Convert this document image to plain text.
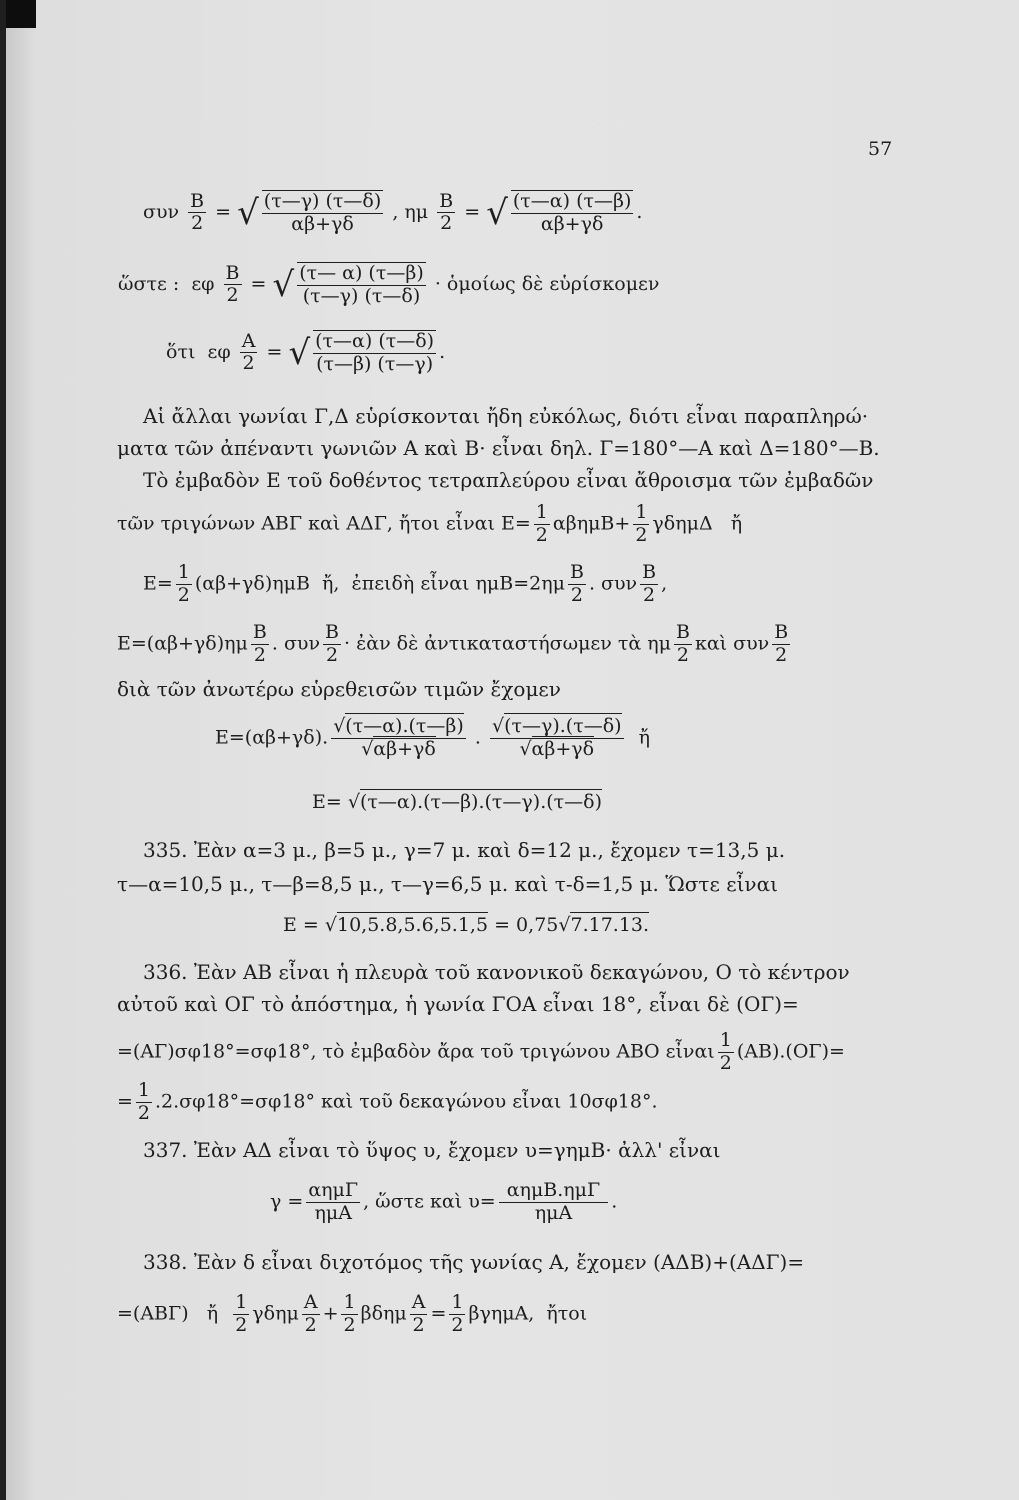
57
συν $\frac{B}{2}$ = √ $\frac{(\tau—\gamma) (\tau—\delta)}{\alpha\beta+\gamma\delta}$ , ημ $\frac{B}{2}$ = √ $\frac{(\tau—\alpha) (\tau—\beta)}{\alpha\beta+\gamma\delta}$ .
ὥστε :  εφ $\frac{B}{2}$ = √ $\frac{(\tau— \alpha) (\tau—\beta)}{(\tau—\gamma) (\tau—\delta)}$ · ὁμοίως δὲ εὑρίσκομεν
ὅτι  εφ $\frac{A}{2}$ = √ $\frac{(\tau—\alpha) (\tau—\delta)}{(\tau—\beta) (\tau—\gamma)}$ .
Αἱ ἄλλαι γωνίαι Γ,Δ εὑρίσκονται ἤδη εὐκόλως, διότι εἶναι παραπληρώ·
ματα τῶν ἀπέναντι γωνιῶν Α καὶ Β· εἶναι δηλ. Γ=180°—Α καὶ Δ=180°—Β.
Τὸ ἐμβαδὸν Ε τοῦ δοθέντος τετραπλεύρου εἶναι ἄθροισμα τῶν ἐμβαδῶν
τῶν τριγώνων ΑΒΓ καὶ ΑΔΓ, ἤτοι εἶναι $E= \frac{1}{2} \alpha\beta\eta\mu B+ \frac{1}{2}$ γδημΔ   ἤ
$E= \frac{1}{2} (\alpha\beta+\gamma\delta)\eta\mu B$  ἤ,  ἐπειδὴ εἶναι $\eta\mu B=2\eta\mu \frac{B}{2}$ . συν $\frac{B}{2}$ ,
$E=(\alpha\beta+\gamma\delta)\eta\mu \frac{B}{2}$ . συν $\frac{B}{2}$ · ἐὰν δὲ ἀντικαταστήσωμεν τὰ ημ $\frac{B}{2}$ καὶ συν $\frac{B}{2}$
διὰ τῶν ἀνωτέρω εὑρεθεισῶν τιμῶν ἔχομεν
Ε=(αβ+γδ). $\frac{√(\tau—\alpha).(\tau—\beta)}{√\alpha\beta+\gamma\delta}$ . $\frac{√(\tau—\gamma).(\tau—\delta)}{√\alpha\beta+\gamma\delta}$ ἤ
Ε= √(τ—α).(τ—β).(τ—γ).(τ—δ)
335. Ἐὰν α=3 μ., β=5 μ., γ=7 μ. καὶ δ=12 μ., ἔχομεν τ=13,5 μ.
τ—α=10,5 μ., τ—β=8,5 μ., τ—γ=6,5 μ. καὶ τ-δ=1,5 μ. Ὥστε εἶναι
Ε = √10,5.8,5.6,5.1,5 = 0,75√7.17.13.
336. Ἐὰν ΑΒ εἶναι ἡ πλευρὰ τοῦ κανονικοῦ δεκαγώνου, Ο τὸ κέντρον
αὐτοῦ καὶ ΟΓ τὸ ἀπόστημα, ἡ γωνία ΓΟΑ εἶναι 18°, εἶναι δὲ (ΟΓ)=
=(ΑΓ)σφ18°=σφ18°, τὸ ἐμβαδὸν ἄρα τοῦ τριγώνου ΑΒΟ εἶναι $\frac{1}{2} (AB).(O\Gamma)=$
= $\frac{1}{2} .2.\sigma\varphi 18^\circ=\sigma\varphi 18^\circ$ καὶ τοῦ δεκαγώνου εἶναι 10σφ18°.
337. Ἐὰν ΑΔ εἶναι τὸ ὕψος υ, ἔχομεν υ=γημΒ· ἀλλ' εἶναι
$\gamma = \frac{\text{αημΓ}}{\text{ημΑ}}$ , ὥστε καὶ $\upsilon= \frac{\text{αημΒ.ημΓ}}{\text{ημΑ}}$ .
338. Ἐὰν δ εἶναι διχοτόμος τῆς γωνίας Α, ἔχομεν (ΑΔΒ)+(ΑΔΓ)=
=(ΑΒΓ)   ἤ $\frac{1}{2}$ γδημ $\frac{A}{2} + \frac{1}{2}$ βδημ $\frac{A}{2} = \frac{1}{2} \beta\gamma\eta\mu A$,  ἤτοι
